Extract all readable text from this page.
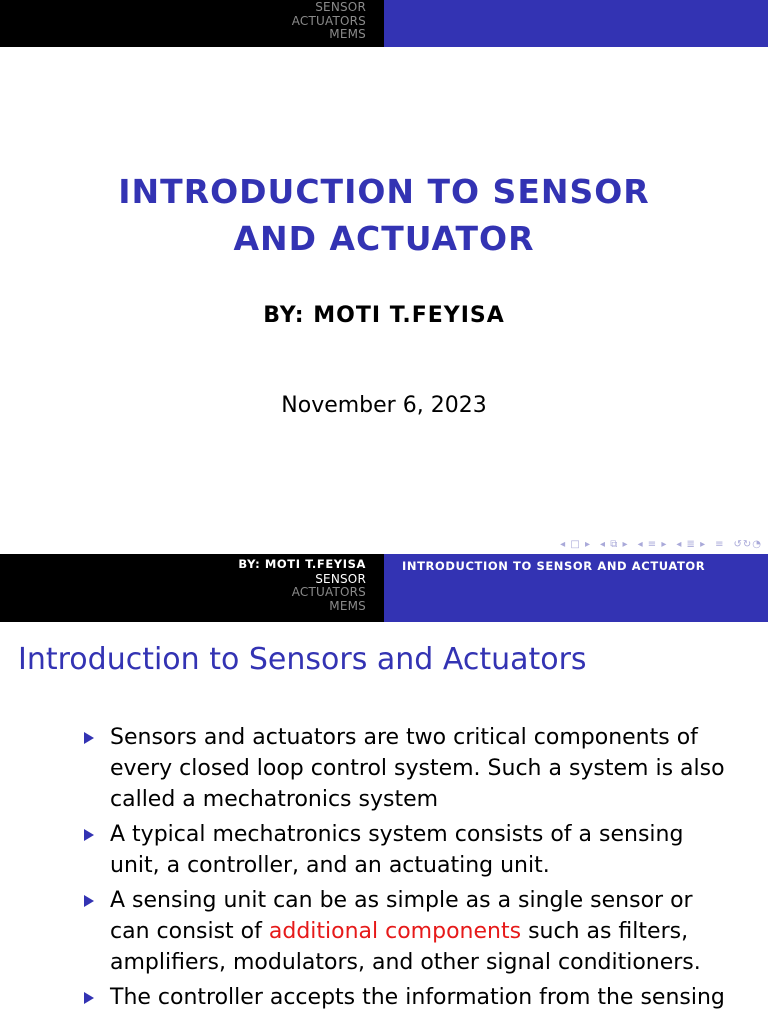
SENSOR
ACTUATORS
MEMS
INTRODUCTION TO SENSOR
AND ACTUATOR
BY: MOTI T.FEYISA
November 6, 2023
◂ □ ▸ ◂ ⧉ ▸ ◂ ≡ ▸ ◂ ≣ ▸ ≡ ↺↻◔
BY: MOTI T.FEYISA
SENSOR
ACTUATORS
MEMS
INTRODUCTION TO SENSOR AND ACTUATOR
Introduction to Sensors and Actuators
Sensors and actuators are two critical components of every closed loop control system. Such a system is also called a mechatronics system
A typical mechatronics system consists of a sensing unit, a controller, and an actuating unit.
A sensing unit can be as simple as a single sensor or can consist of additional components such as filters, amplifiers, modulators, and other signal conditioners.
The controller accepts the information from the sensing
